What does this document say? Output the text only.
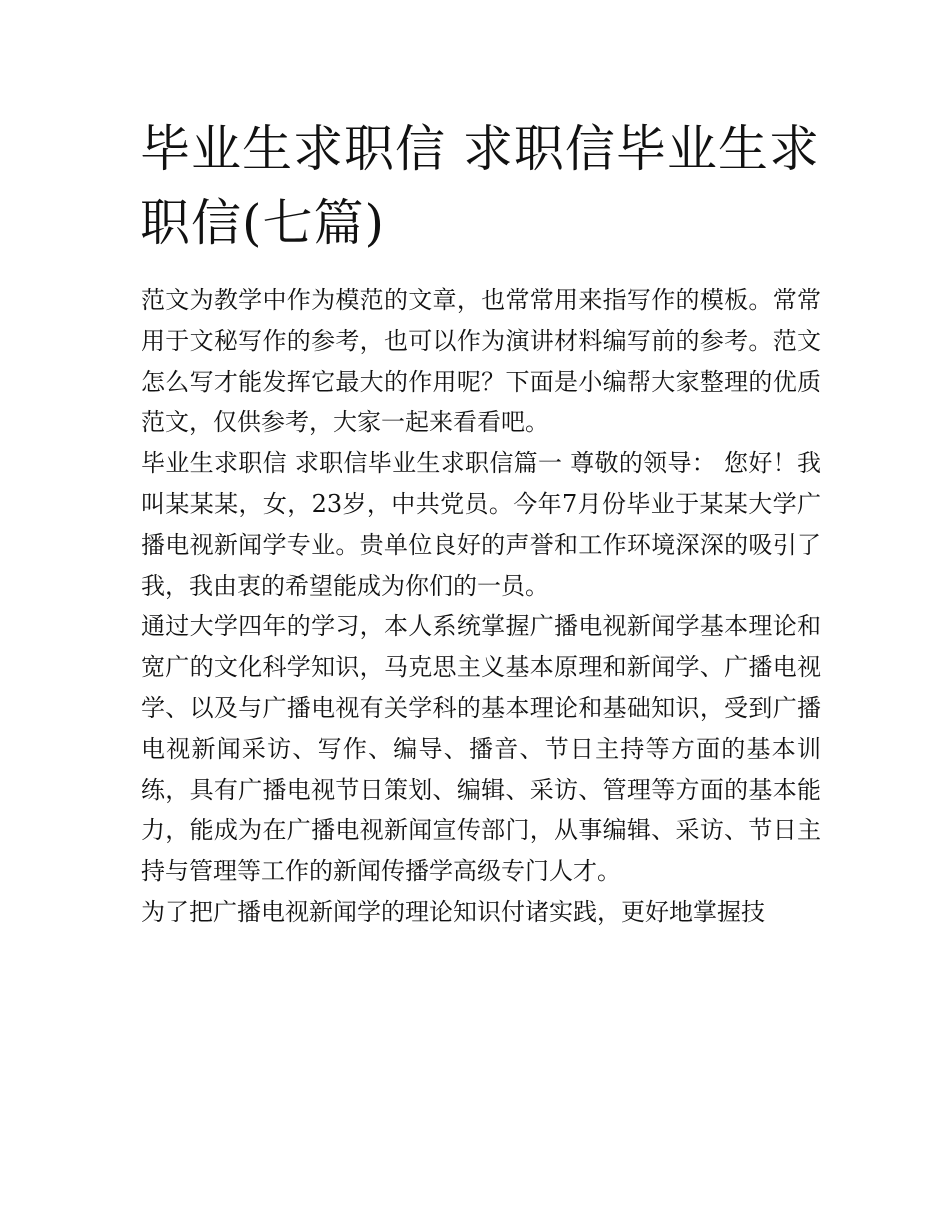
毕业生求职信 求职信毕业生求职信(七篇)

范文为教学中作为模范的文章，也常常用来指写作的模板。常常用于文秘写作的参考，也可以作为演讲材料编写前的参考。范文怎么写才能发挥它最大的作用呢？下面是小编帮大家整理的优质范文，仅供参考，大家一起来看看吧。

毕业生求职信 求职信毕业生求职信篇一 尊敬的领导： 您好！我叫某某某，女，23岁，中共党员。今年7月份毕业于某某大学广播电视新闻学专业。贵单位良好的声誉和工作环境深深的吸引了我，我由衷的希望能成为你们的一员。

通过大学四年的学习，本人系统掌握广播电视新闻学基本理论和宽广的文化科学知识，马克思主义基本原理和新闻学、广播电视学、以及与广播电视有关学科的基本理论和基础知识，受到广播电视新闻采访、写作、编导、播音、节日主持等方面的基本训练，具有广播电视节日策划、编辑、采访、管理等方面的基本能力，能成为在广播电视新闻宣传部门，从事编辑、采访、节日主持与管理等工作的新闻传播学高级专门人才。

为了把广播电视新闻学的理论知识付诸实践，更好地掌握技
